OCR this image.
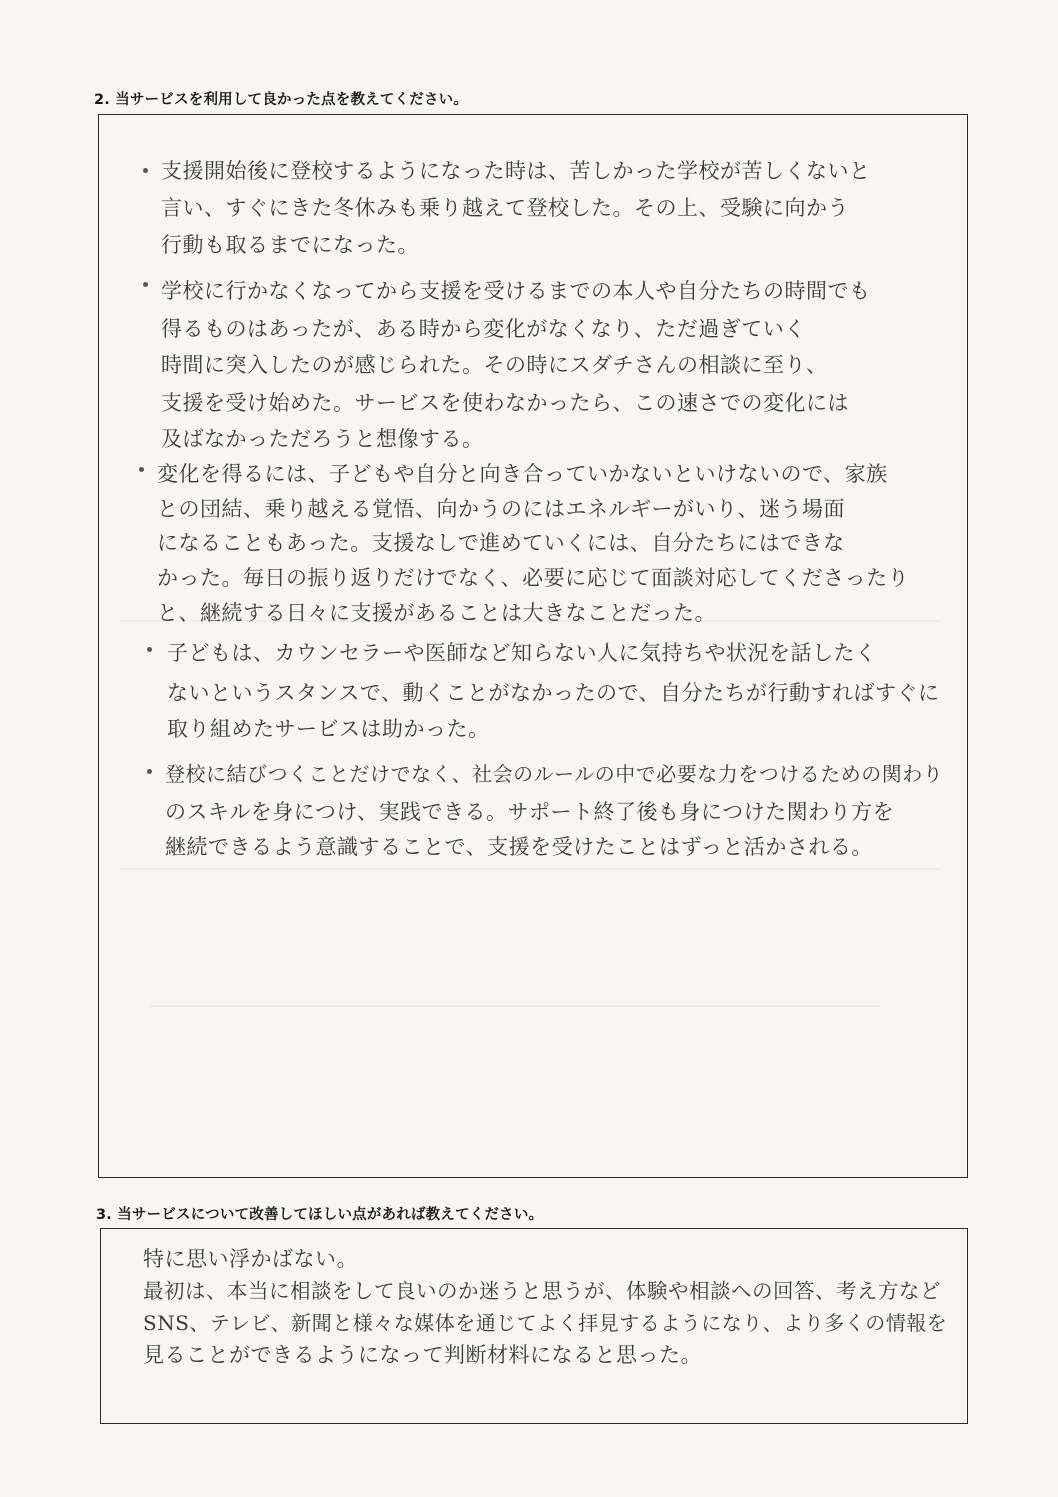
2. 当サービスを利用して良かった点を教えてください。
支援開始後に登校するようになった時は、苦しかった学校が苦しくないと
言い、すぐにきた冬休みも乗り越えて登校した。その上、受験に向かう
行動も取るまでになった。
学校に行かなくなってから支援を受けるまでの本人や自分たちの時間でも
得るものはあったが、ある時から変化がなくなり、ただ過ぎていく
時間に突入したのが感じられた。その時にスダチさんの相談に至り、
支援を受け始めた。サービスを使わなかったら、この速さでの変化には
及ばなかっただろうと想像する。
変化を得るには、子どもや自分と向き合っていかないといけないので、家族
との団結、乗り越える覚悟、向かうのにはエネルギーがいり、迷う場面
になることもあった。支援なしで進めていくには、自分たちにはできな
かった。毎日の振り返りだけでなく、必要に応じて面談対応してくださったり
と、継続する日々に支援があることは大きなことだった。
子どもは、カウンセラーや医師など知らない人に気持ちや状況を話したく
ないというスタンスで、動くことがなかったので、自分たちが行動すればすぐに
取り組めたサービスは助かった。
登校に結びつくことだけでなく、社会のルールの中で必要な力をつけるための関わり
のスキルを身につけ、実践できる。サポート終了後も身につけた関わり方を
継続できるよう意識することで、支援を受けたことはずっと活かされる。
3. 当サービスについて改善してほしい点があれば教えてください。
特に思い浮かばない。
最初は、本当に相談をして良いのか迷うと思うが、体験や相談への回答、考え方など
SNS、テレビ、新聞と様々な媒体を通じてよく拝見するようになり、より多くの情報を
見ることができるようになって判断材料になると思った。
